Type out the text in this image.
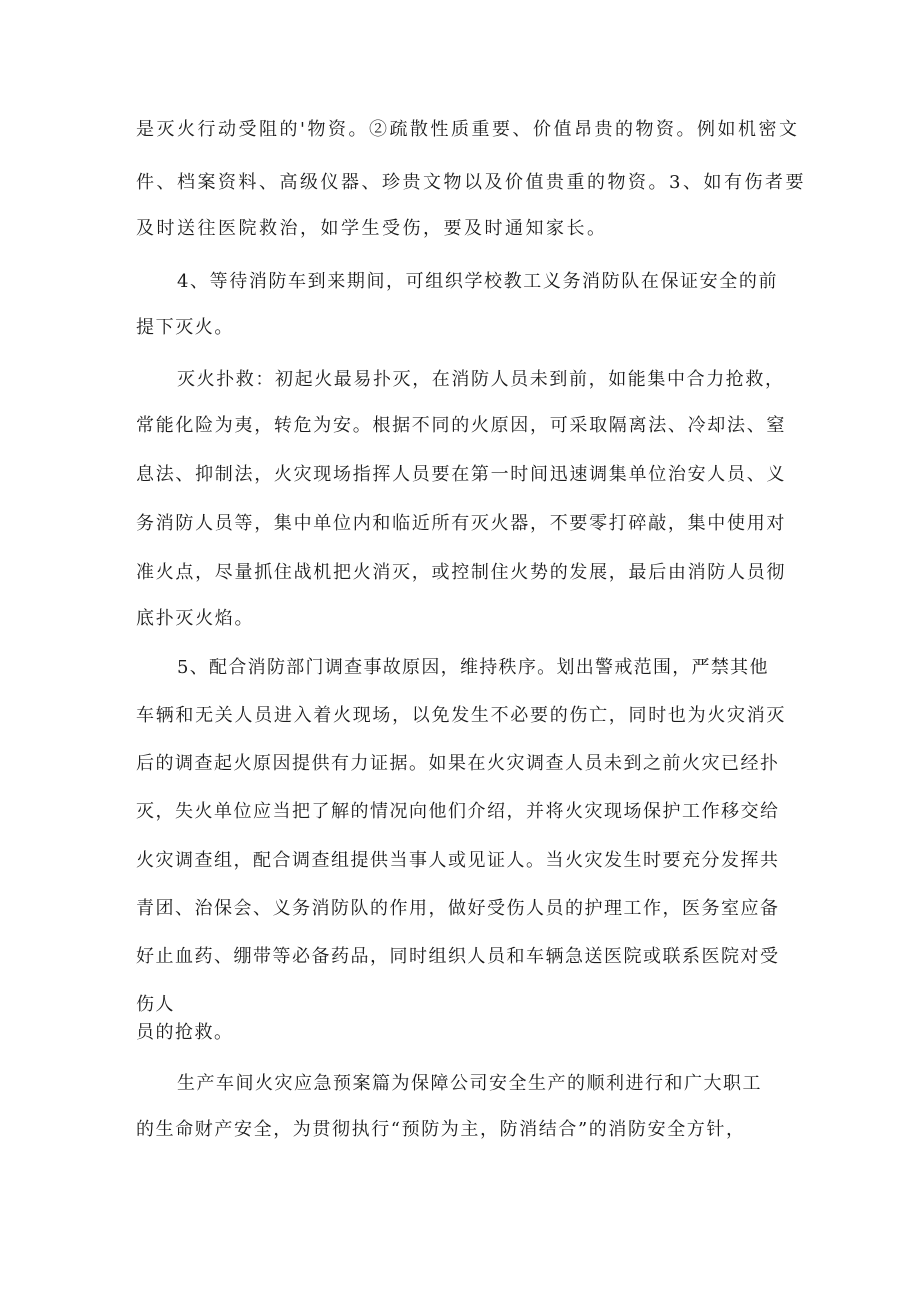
是灭火行动受阻的'物资。②疏散性质重要、价值昂贵的物资。例如机密文
件、档案资料、高级仪器、珍贵文物以及价值贵重的物资。3、如有伤者要
及时送往医院救治，如学生受伤，要及时通知家长。
4、等待消防车到来期间，可组织学校教工义务消防队在保证安全的前
提下灭火。
灭火扑救：初起火最易扑灭，在消防人员未到前，如能集中合力抢救，
常能化险为夷，转危为安。根据不同的火原因，可采取隔离法、冷却法、窒
息法、抑制法，火灾现场指挥人员要在第一时间迅速调集单位治安人员、义
务消防人员等，集中单位内和临近所有灭火器，不要零打碎敲，集中使用对
准火点，尽量抓住战机把火消灭，或控制住火势的发展，最后由消防人员彻
底扑灭火焰。
5、配合消防部门调查事故原因，维持秩序。划出警戒范围，严禁其他
车辆和无关人员进入着火现场，以免发生不必要的伤亡，同时也为火灾消灭
后的调查起火原因提供有力证据。如果在火灾调查人员未到之前火灾已经扑
灭，失火单位应当把了解的情况向他们介绍，并将火灾现场保护工作移交给
火灾调查组，配合调查组提供当事人或见证人。当火灾发生时要充分发挥共
青团、治保会、义务消防队的作用，做好受伤人员的护理工作，医务室应备
好止血药、绷带等必备药品，同时组织人员和车辆急送医院或联系医院对受
伤人
员的抢救。
生产车间火灾应急预案篇为保障公司安全生产的顺利进行和广大职工
的生命财产安全，为贯彻执行“预防为主，防消结合”的消防安全方针，
